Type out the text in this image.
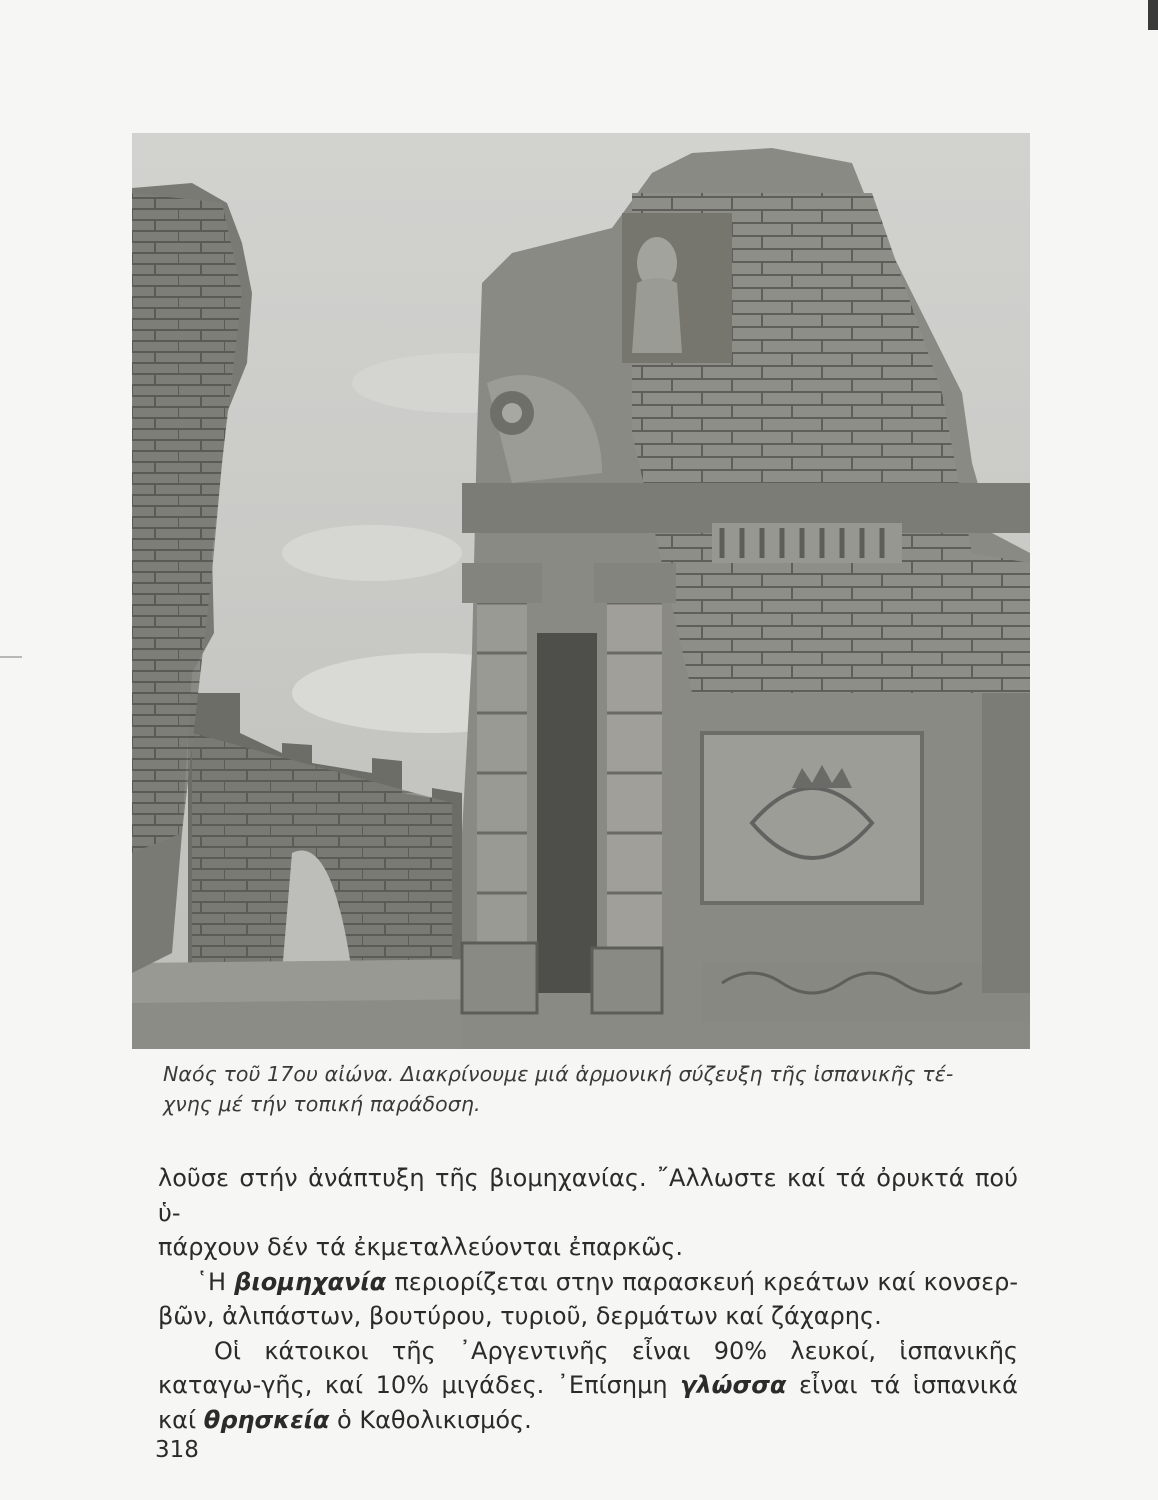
Ναός τοῦ 17ου αἰώνα. Διακρίνουμε μιά ἁρμονική σύζευξη τῆς ἱσπανικῆς τέ-
χνης μέ τήν τοπική παράδοση.

λοῦσε στήν ἀνάπτυξη τῆς βιομηχανίας. ῎Αλλωστε καί τά ὀρυκτά πού ὑ-
πάρχουν δέν τά ἐκμεταλλεύονται ἐπαρκῶς.

῾Η βιομηχανία περιορίζεται στην παρασκευή κρεάτων καί κονσερ-βῶν, ἀλιπάστων, βουτύρου, τυριοῦ, δερμάτων καί ζάχαρης.

Οἱ κάτοικοι τῆς ᾿Αργεντινῆς εἶναι 90% λευκοί, ἱσπανικῆς καταγω-γῆς, καί 10% μιγάδες. ᾿Επίσημη γλώσσα εἶναι τά ἱσπανικά καί θρησκεία ὁ Καθολικισμός.

318
